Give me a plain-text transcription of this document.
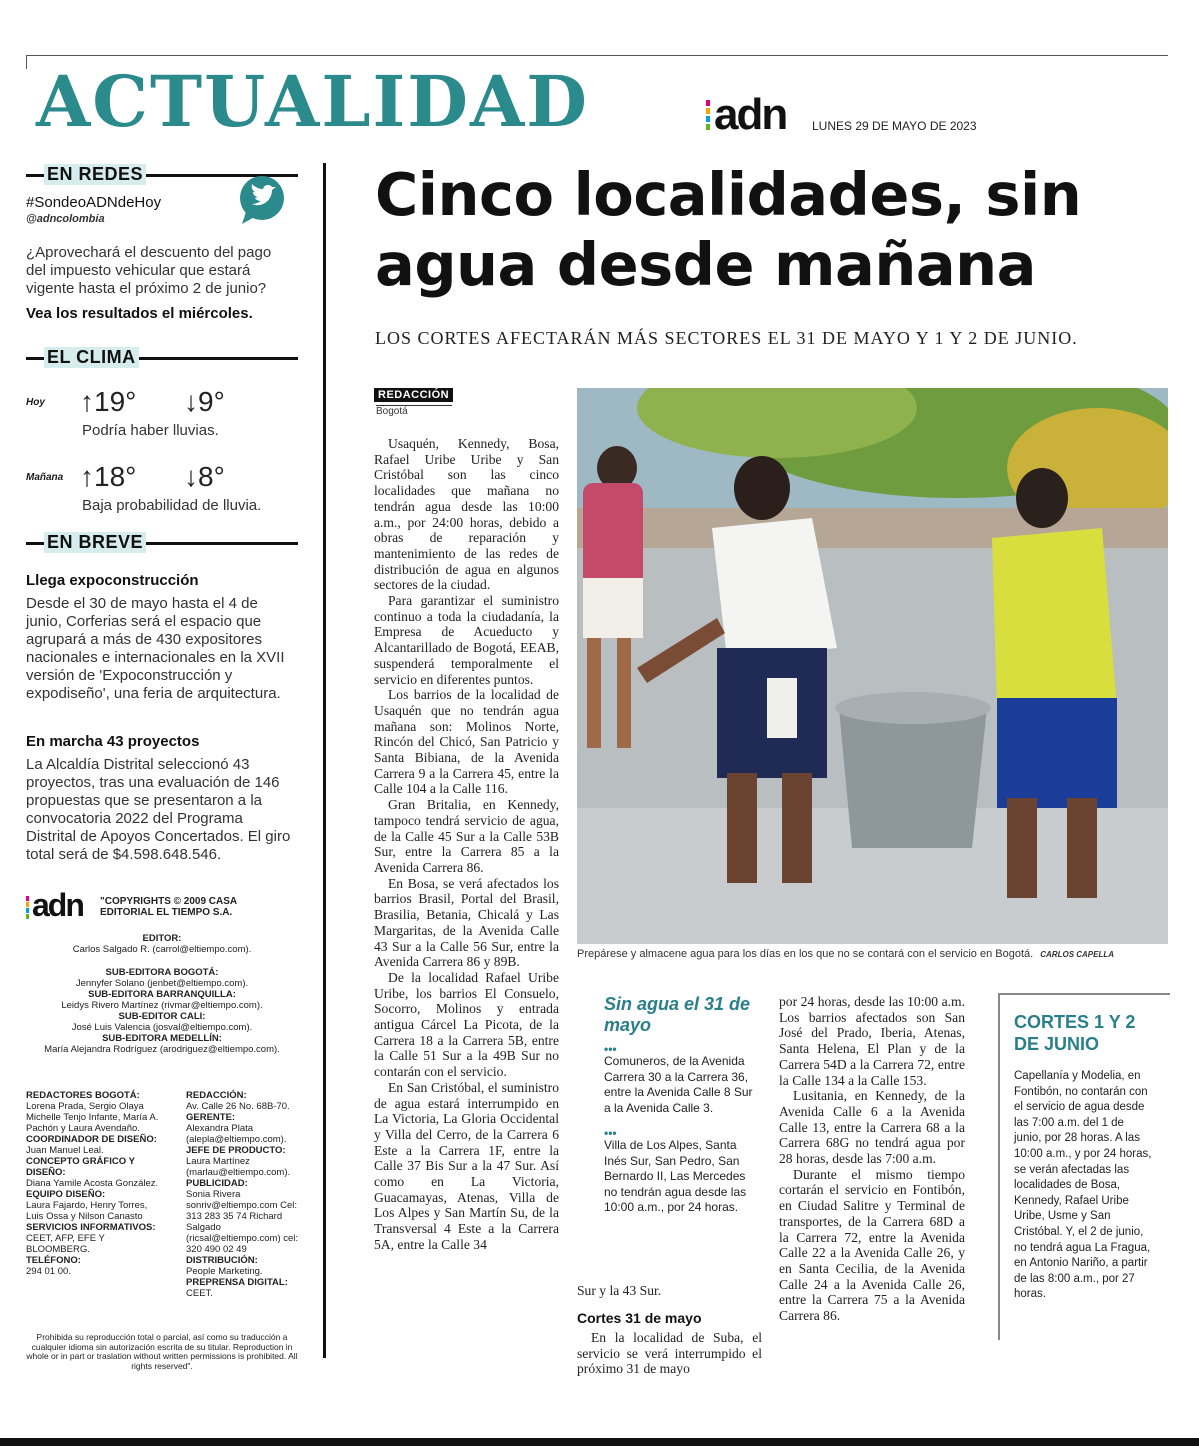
ACTUALIDAD	adn LUNES 29 DE MAYO DE 2023
EN REDES
#SondeoADNdeHoy
@adncolombia
¿Aprovechará el descuento del pago del impuesto vehicular que estará vigente hasta el próximo 2 de junio?
Vea los resultados el miércoles.
EL CLIMA
Hoy ↑19° ↓9°
Podría haber lluvias.
Mañana ↑18° ↓8°
Baja probabilidad de lluvia.
EN BREVE
Llega expoconstrucción
Desde el 30 de mayo hasta el 4 de junio, Corferias será el espacio que agrupará a más de 430 expositores nacionales e internacionales en la XVII versión de 'Expoconstrucción y expodiseño', una feria de arquitectura.
En marcha 43 proyectos
La Alcaldía Distrital seleccionó 43 proyectos, tras una evaluación de 146 propuestas que se presentaron a la convocatoria 2022 del Programa Distrital de Apoyos Concertados. El giro total será de $4.598.648.546.
adn "COPYRIGHTS © 2009 CASA EDITORIAL EL TIEMPO S.A.
EDITOR:
Carlos Salgado R. (carrol@eltiempo.com).
SUB-EDITORA BOGOTÁ:
Jennyfer Solano (jenbet@eltiempo.com).
SUB-EDITORA BARRANQUILLA:
Leidys Rivero Martínez (rivmar@eltiempo.com).
SUB-EDITOR CALI:
José Luis Valencia (josval@eltiempo.com).
SUB-EDITORA MEDELLÍN:
María Alejandra Rodríguez (arodriguez@eltiempo.com).
REDACTORES BOGOTÁ:
Lorena Prada, Sergio Olaya Michelle Tenjo Infante, María A. Pachón y Laura Avendaño.
COORDINADOR DE DISEÑO:
Juan Manuel Leal.
CONCEPTO GRÁFICO Y DISEÑO:
Diana Yamile Acosta González.
EQUIPO DISEÑO:
Laura Fajardo, Henry Torres, Luis Ossa y Nilson Canasto
SERVICIOS INFORMATIVOS:
CEET, AFP, EFE Y BLOOMBERG.
TELÉFONO:
294 01 00.
REDACCIÓN:
Av. Calle 26 No. 68B-70.
GERENTE:
Alexandra Plata (alepla@eltiempo.com).
JEFE DE PRODUCTO:
Laura Martínez (marlau@eltiempo.com).
PUBLICIDAD:
Sonia Rivera sonriv@eltiempo.com Cel: 313 283 35 74 Richard Salgado (ricsal@eltiempo.com) cel: 320 490 02 49
DISTRIBUCIÓN:
People Marketing.
PREPRENSA DIGITAL:
CEET.
Prohibida su reproducción total o parcial, así como su traducción a cualquier idioma sin autorización escrita de su titular. Reproduction in whole or in part or traslation without written permissions is prohibited. All rights reserved".
Cinco localidades, sin agua desde mañana
LOS CORTES AFECTARÁN MÁS SECTORES EL 31 DE MAYO Y 1 Y 2 DE JUNIO.
REDACCIÓN
Bogotá

Usaquén, Kennedy, Bosa, Rafael Uribe Uribe y San Cristóbal son las cinco localidades que mañana no tendrán agua desde las 10:00 a.m., por 24:00 horas, debido a obras de reparación y mantenimiento de las redes de distribución de agua en algunos sectores de la ciudad.

Para garantizar el suministro continuo a toda la ciudadanía, la Empresa de Acueducto y Alcantarillado de Bogotá, EEAB, suspenderá temporalmente el servicio en diferentes puntos.

Los barrios de la localidad de Usaquén que no tendrán agua mañana son: Molinos Norte, Rincón del Chicó, San Patricio y Santa Bibiana, de la Avenida Carrera 9 a la Carrera 45, entre la Calle 104 a la Calle 116.

Gran Britalia, en Kennedy, tampoco tendrá servicio de agua, de la Calle 45 Sur a la Calle 53B Sur, entre la Carrera 85 a la Avenida Carrera 86.

En Bosa, se verá afectados los barrios Brasil, Portal del Brasil, Brasilia, Betania, Chicalá y Las Margaritas, de la Avenida Calle 43 Sur a la Calle 56 Sur, entre la Avenida Carrera 86 y 89B.

De la localidad Rafael Uribe Uribe, los barrios El Consuelo, Socorro, Molinos y entrada antigua Cárcel La Picota, de la Carrera 18 a la Carrera 5B, entre la Calle 51 Sur a la 49B Sur no contarán con el servicio.

En San Cristóbal, el suministro de agua estará interrumpido en La Victoria, La Gloria Occidental y Villa del Cerro, de la Carrera 6 Este a la Carrera 1F, entre la Calle 37 Bis Sur a la 47 Sur. Así como en La Victoria, Guacamayas, Atenas, Villa de Los Alpes y San Martín Su, de la Transversal 4 Este a la Carrera 5A, entre la Calle 34

Prepárese y almacene agua para los días en los que no se contará con el servicio en Bogotá. CARLOS CAPELLA
Sin agua el 31 de mayo
•••
Comuneros, de la Avenida Carrera 30 a la Carrera 36, entre la Avenida Calle 8 Sur a la Avenida Calle 3.
•••
Villa de Los Alpes, Santa Inés Sur, San Pedro, San Bernardo II, Las Mercedes no tendrán agua desde las 10:00 a.m., por 24 horas.
Sur y la 43 Sur.
Cortes 31 de mayo

En la localidad de Suba, el servicio se verá interrumpido el próximo 31 de mayo

por 24 horas, desde las 10:00 a.m. Los barrios afectados son San José del Prado, Iberia, Atenas, Santa Helena, El Plan y de la Carrera 54D a la Carrera 72, entre la Calle 134 a la Calle 153.

Lusitania, en Kennedy, de la Avenida Calle 6 a la Avenida Calle 13, entre la Carrera 68 a la Carrera 68G no tendrá agua por 28 horas, desde las 7:00 a.m.

Durante el mismo tiempo cortarán el servicio en Fontibón, en Ciudad Salitre y Terminal de transportes, de la Carrera 68D a la Carrera 72, entre la Avenida Calle 22 a la Avenida Calle 26, y en Santa Cecilia, de la Avenida Calle 24 a la Avenida Calle 26, entre la Carrera 75 a la Avenida Carrera 86.

CORTES 1 Y 2 DE JUNIO
Capellanía y Modelia, en Fontibón, no contarán con el servicio de agua desde las 7:00 a.m. del 1 de junio, por 28 horas. A las 10:00 a.m., y por 24 horas, se verán afectadas las localidades de Bosa, Kennedy, Rafael Uribe Uribe, Usme y San Cristóbal. Y, el 2 de junio, no tendrá agua La Fragua, en Antonio Nariño, a partir de las 8:00 a.m., por 27 horas.
